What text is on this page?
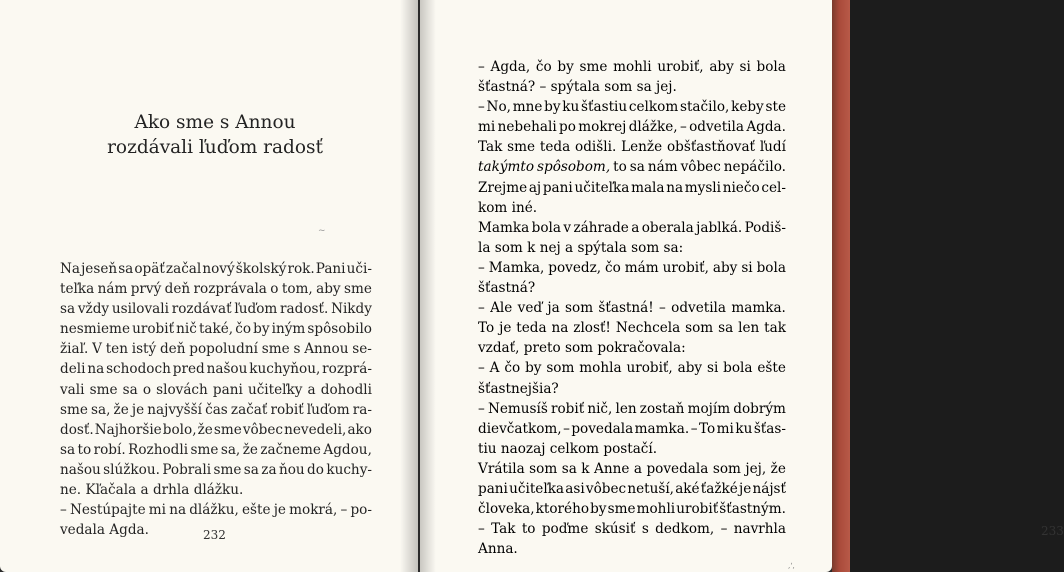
Ako sme s Annou
rozdávali ľuďom radosť
~
Na jeseň sa opäť začal nový školský rok. Pani uči-
teľka nám prvý deň rozprávala o tom, aby sme
sa vždy usilovali rozdávať ľuďom radosť. Nikdy
nesmieme urobiť nič také, čo by iným spôsobilo
žiaľ. V ten istý deň popoludní sme s Annou se-
deli na schodoch pred našou kuchyňou, rozprá-
vali sme sa o slovách pani učiteľky a dohodli
sme sa, že je najvyšší čas začať robiť ľuďom ra-
dosť. Najhoršie bolo, že sme vôbec nevedeli, ako
sa to robí. Rozhodli sme sa, že začneme Agdou,
našou slúžkou. Pobrali sme sa za ňou do kuchy-
ne. Kľačala a drhla dlážku.
– Nestúpajte mi na dlážku, ešte je mokrá, – po-
vedala Agda.	232	233
– Agda, čo by sme mohli urobiť, aby si bola
šťastná? – spýtala som sa jej.
– No, mne by ku šťastiu celkom stačilo, keby ste
mi nebehali po mokrej dlážke, – odvetila Agda.
Tak sme teda odišli. Lenže obšťastňovať ľudí
takýmto spôsobom, to sa nám vôbec nepáčilo.
Zrejme aj pani učiteľka mala na mysli niečo cel-
kom iné.
Mamka bola v záhrade a oberala jablká. Podiš-
la som k nej a spýtala som sa:
– Mamka, povedz, čo mám urobiť, aby si bola
šťastná?
– Ale veď ja som šťastná! – odvetila mamka.
To je teda na zlosť! Nechcela som sa len tak
vzdať, preto som pokračovala:
– A čo by som mohla urobiť, aby si bola ešte
šťastnejšia?
– Nemusíš robiť nič, len zostaň mojím dobrým
dievčatkom, – povedala mamka. – To mi ku šťas-
tiu naozaj celkom postačí.
Vrátila som sa k Anne a povedala som jej, že
pani učiteľka asi vôbec netuší, aké ťažké je nájsť
človeka, ktorého by sme mohli urobiť šťastným.
– Tak to poďme skúsiť s dedkom, – navrhla
Anna.
‚‘‚
